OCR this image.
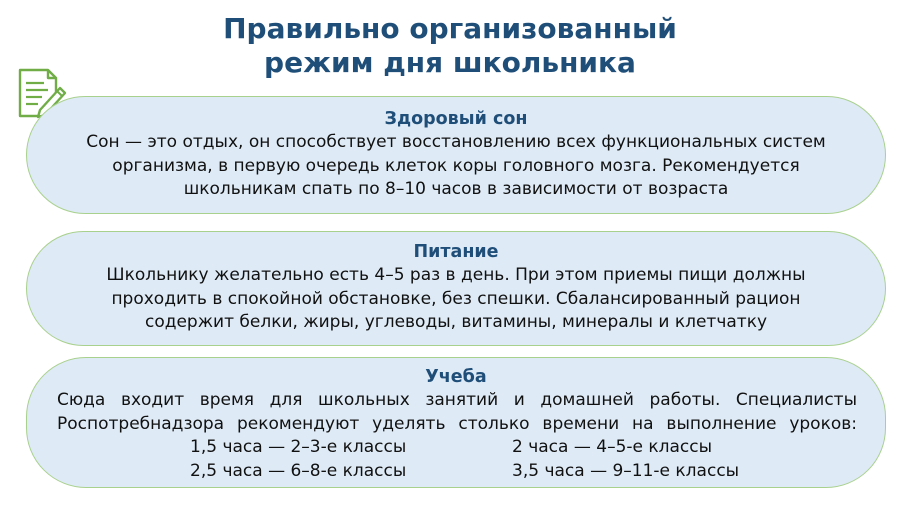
Правильно организованный
режим дня школьника
Здоровый сон
Сон — это отдых, он способствует восстановлению всех функциональных систем
организма, в первую очередь клеток коры головного мозга. Рекомендуется
школьникам спать по 8–10 часов в зависимости от возраста
Питание
Школьнику желательно есть 4–5 раз в день. При этом приемы пищи должны
проходить в спокойной обстановке, без спешки. Сбалансированный рацион
содержит белки, жиры, углеводы, витамины, минералы и клетчатку
Учеба
Сюда входит время для школьных занятий и домашней работы. Специалисты
Роспотребнадзора рекомендуют уделять столько времени на выполнение уроков:
1,5 часа — 2–3-е классы	2 часа — 4–5-е классы
2,5 часа — 6–8-е классы	3,5 часа — 9–11-е классы
